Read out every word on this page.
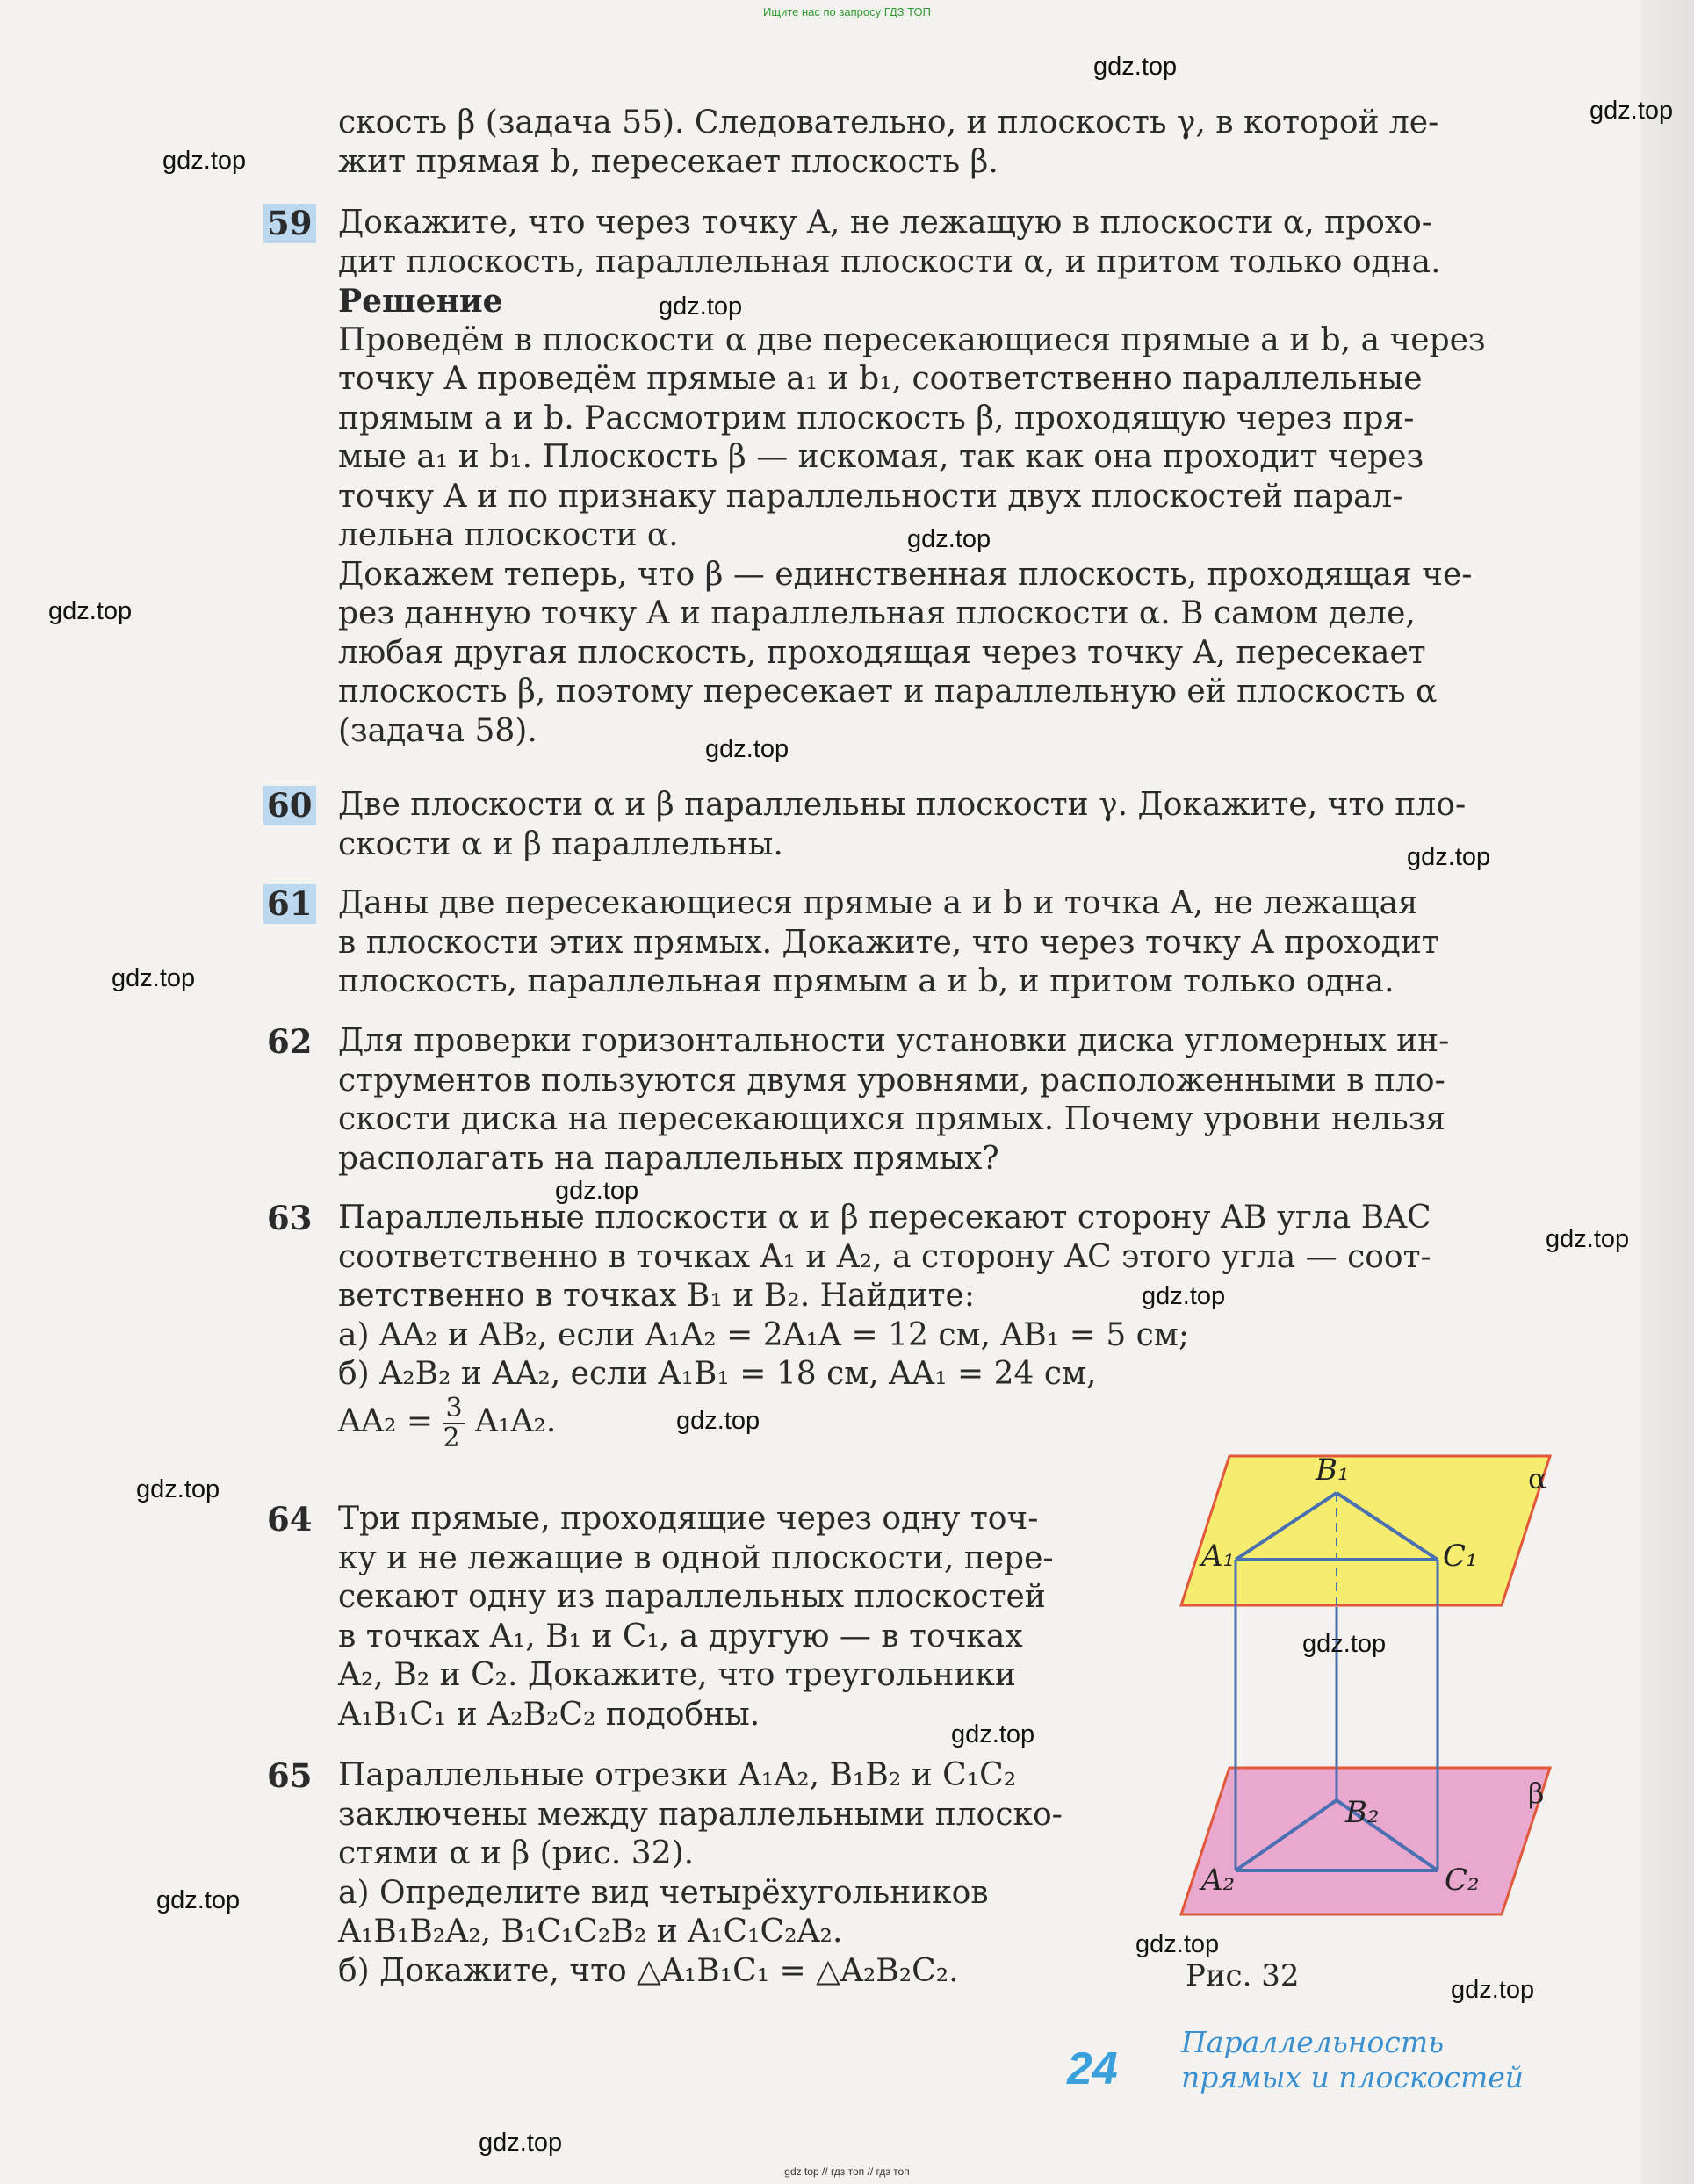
Ищите нас по запросу ГДЗ ТОП
скость β (задача 55). Следовательно, и плоскость γ, в которой ле-
жит прямая b, пересекает плоскость β.
59 Докажите, что через точку A, не лежащую в плоскости α, прохо-
дит плоскость, параллельная плоскости α, и притом только одна.
Решение
Проведём в плоскости α две пересекающиеся прямые a и b, а через
точку A проведём прямые a₁ и b₁, соответственно параллельные
прямым a и b. Рассмотрим плоскость β, проходящую через пря-
мые a₁ и b₁. Плоскость β — искомая, так как она проходит через
точку A и по признаку параллельности двух плоскостей парал-
лельна плоскости α.
Докажем теперь, что β — единственная плоскость, проходящая че-
рез данную точку A и параллельная плоскости α. В самом деле,
любая другая плоскость, проходящая через точку A, пересекает
плоскость β, поэтому пересекает и параллельную ей плоскость α
(задача 58).
60 Две плоскости α и β параллельны плоскости γ. Докажите, что пло-
скости α и β параллельны.
61 Даны две пересекающиеся прямые a и b и точка A, не лежащая
в плоскости этих прямых. Докажите, что через точку A проходит
плоскость, параллельная прямым a и b, и притом только одна.
62 Для проверки горизонтальности установки диска угломерных ин-
струментов пользуются двумя уровнями, расположенными в пло-
скости диска на пересекающихся прямых. Почему уровни нельзя
располагать на параллельных прямых?
63 Параллельные плоскости α и β пересекают сторону AB угла BAC
соответственно в точках A₁ и A₂, а сторону AC этого угла — соот-
ветственно в точках B₁ и B₂. Найдите:
а) AA₂ и AB₂, если A₁A₂ = 2A₁A = 12 см, AB₁ = 5 см;
б) A₂B₂ и AA₂, если A₁B₁ = 18 см, AA₁ = 24 см,
$AA_2 = \frac{3}{2} A_1A_2$.
64 Три прямые, проходящие через одну точ-
ку и не лежащие в одной плоскости, пере-
секают одну из параллельных плоскостей
в точках A₁, B₁ и C₁, а другую — в точках
A₂, B₂ и C₂. Докажите, что треугольники
A₁B₁C₁ и A₂B₂C₂ подобны.
65 Параллельные отрезки A₁A₂, B₁B₂ и C₁C₂
заключены между параллельными плоско-
стями α и β (рис. 32).
а) Определите вид четырёхугольников
A₁B₁B₂A₂, B₁C₁C₂B₂ и A₁C₁C₂A₂.
б) Докажите, что △A₁B₁C₁ = △A₂B₂C₂.
α
β
B₁
A₁	C₁
B₂
A₂	C₂
Рис. 32
24
Параллельность
прямых и плоскостей
gdz top // гдз топ // гдз топ
gdz.top
gdz.top
gdz.top
gdz.top
gdz.top
gdz.top
gdz.top
gdz.top
gdz.top
gdz.top
gdz.top
gdz.top
gdz.top
gdz.top
gdz.top
gdz.top
gdz.top
gdz.top
gdz.top
gdz.top
